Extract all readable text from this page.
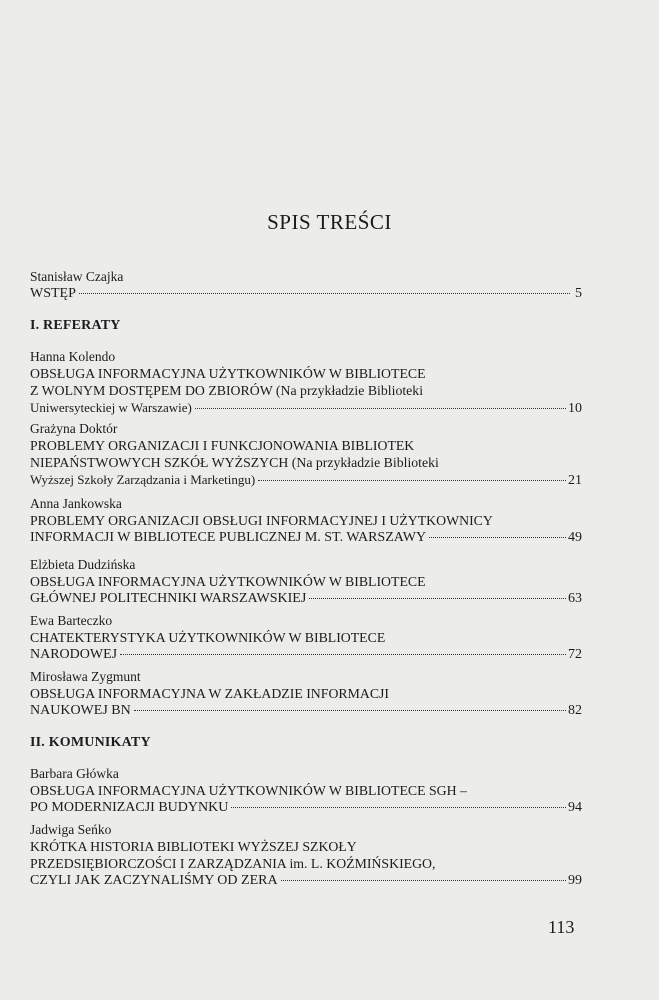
SPIS TREŚCI
Stanisław Czajka
WSTĘP	5
I. REFERATY
Hanna Kolendo
OBSŁUGA INFORMACYJNA UŻYTKOWNIKÓW W BIBLIOTECE
Z WOLNYM DOSTĘPEM DO ZBIORÓW (Na przykładzie Biblioteki
Uniwersyteckiej w Warszawie)	10
Grażyna Doktór
PROBLEMY ORGANIZACJI I FUNKCJONOWANIA BIBLIOTEK
NIEPAŃSTWOWYCH SZKÓŁ WYŻSZYCH (Na przykładzie Biblioteki
Wyższej Szkoły Zarządzania i Marketingu)	21
Anna Jankowska
PROBLEMY ORGANIZACJI OBSŁUGI INFORMACYJNEJ I UŻYTKOWNICY
INFORMACJI W BIBLIOTECE PUBLICZNEJ M. ST. WARSZAWY	49
Elżbieta Dudzińska
OBSŁUGA INFORMACYJNA UŻYTKOWNIKÓW W BIBLIOTECE
GŁÓWNEJ POLITECHNIKI WARSZAWSKIEJ	63
Ewa Barteczko
CHATEKTERYSTYKA UŻYTKOWNIKÓW W BIBLIOTECE
NARODOWEJ	72
Mirosława Zygmunt
OBSŁUGA INFORMACYJNA W ZAKŁADZIE INFORMACJI
NAUKOWEJ BN	82
II. KOMUNIKATY
Barbara Główka
OBSŁUGA INFORMACYJNA UŻYTKOWNIKÓW W BIBLIOTECE SGH –
PO MODERNIZACJI BUDYNKU	94
Jadwiga Seńko
KRÓTKA HISTORIA BIBLIOTEKI WYŻSZEJ SZKOŁY
PRZEDSIĘBIORCZOŚCI I ZARZĄDZANIA im. L. KOŹMIŃSKIEGO,
CZYLI JAK ZACZYNALIŚMY OD ZERA	99
113
